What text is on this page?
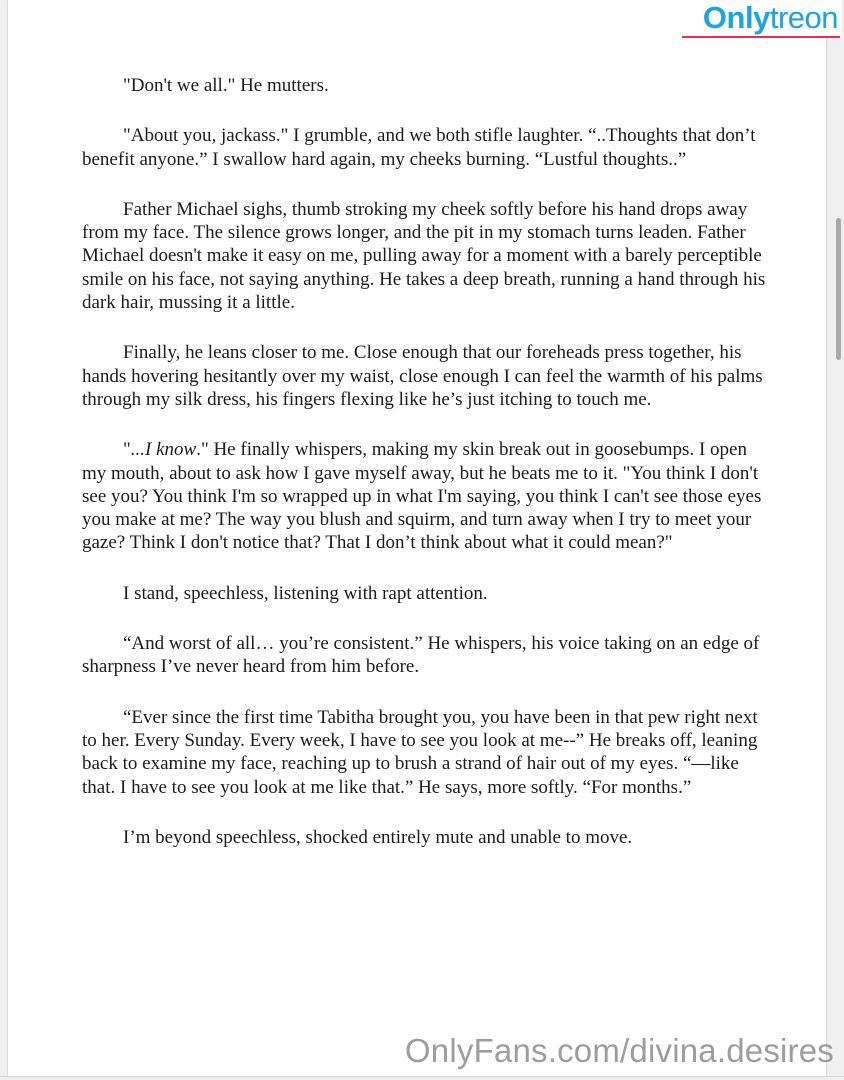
"Don't we all." He mutters.

"About you, jackass." I grumble, and we both stifle laughter. “..Thoughts that don’t benefit anyone.” I swallow hard again, my cheeks burning. “Lustful thoughts..”

Father Michael sighs, thumb stroking my cheek softly before his hand drops away from my face. The silence grows longer, and the pit in my stomach turns leaden. Father Michael doesn't make it easy on me, pulling away for a moment with a barely perceptible smile on his face, not saying anything. He takes a deep breath, running a hand through his dark hair, mussing it a little.

Finally, he leans closer to me. Close enough that our foreheads press together, his hands hovering hesitantly over my waist, close enough I can feel the warmth of his palms through my silk dress, his fingers flexing like he’s just itching to touch me.

"...I know." He finally whispers, making my skin break out in goosebumps. I open my mouth, about to ask how I gave myself away, but he beats me to it. "You think I don't see you? You think I'm so wrapped up in what I'm saying, you think I can't see those eyes you make at me? The way you blush and squirm, and turn away when I try to meet your gaze? Think I don't notice that? That I don’t think about what it could mean?"

I stand, speechless, listening with rapt attention.

“And worst of all… you’re consistent.” He whispers, his voice taking on an edge of sharpness I’ve never heard from him before.

“Ever since the first time Tabitha brought you, you have been in that pew right next to her. Every Sunday. Every week, I have to see you look at me--” He breaks off, leaning back to examine my face, reaching up to brush a strand of hair out of my eyes. “—like that. I have to see you look at me like that.” He says, more softly. “For months.”

I’m beyond speechless, shocked entirely mute and unable to move.

Onlytreon
OnlyFans.com/divina.desires
